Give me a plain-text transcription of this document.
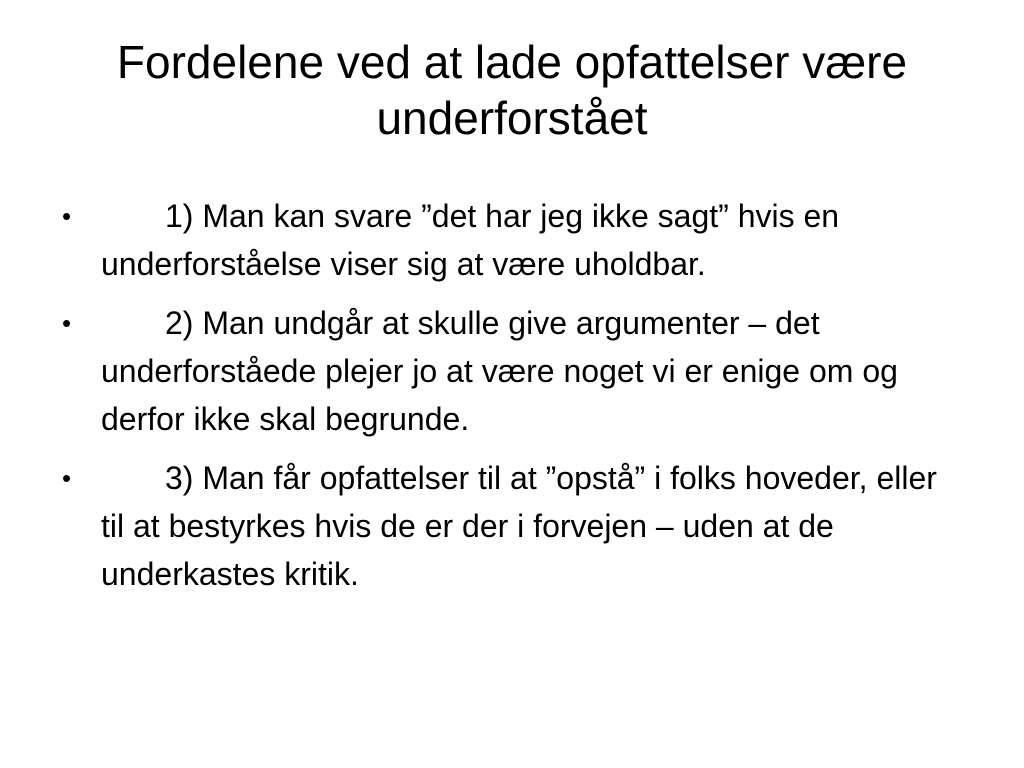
Fordelene ved at lade opfattelser være underforstået
•	1) Man kan svare ”det har jeg ikke sagt” hvis en underforståelse viser sig at være uholdbar.
•	2) Man undgår at skulle give argumenter – det underforståede plejer jo at være noget vi er enige om og derfor ikke skal begrunde.
•	3) Man får opfattelser til at ”opstå” i folks hoveder, eller til at bestyrkes hvis de er der i forvejen – uden at de underkastes kritik.
